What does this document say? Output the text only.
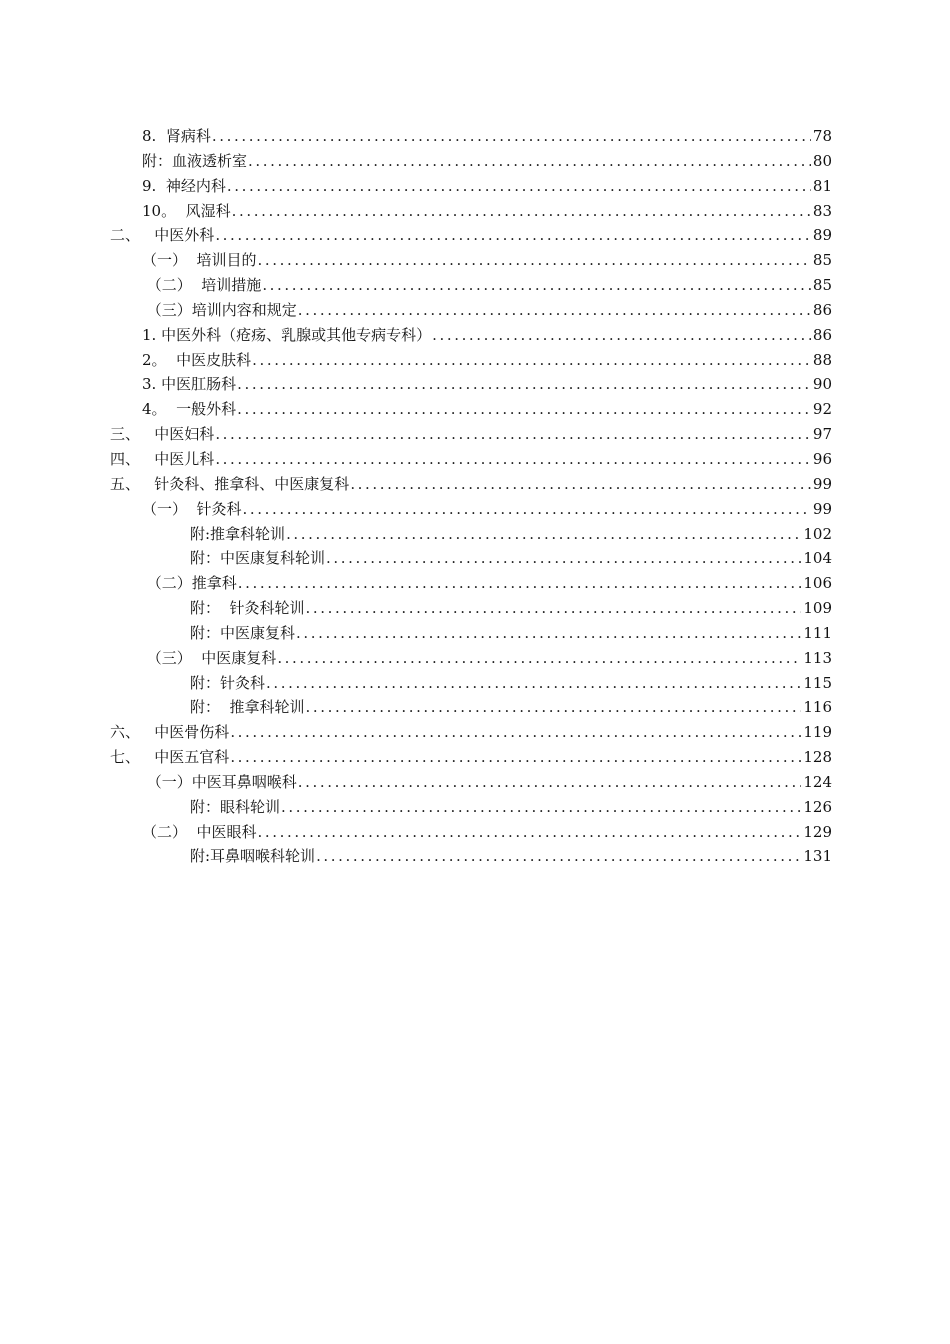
8.  肾病科 .....	78
附：血液透析室 .....	80
9.  神经内科 .....	81
10。  风湿科 .....	83
二、   中医外科 .....	89
（一）  培训目的 .....	85
（二）  培训措施 .....	85
（三）培训内容和规定 .....	86
1. 中医外科（疮疡、乳腺或其他专病专科） .....	86
2。  中医皮肤科 .....	88
3. 中医肛肠科 .....	90
4。  一般外科 .....	92
三、   中医妇科 .....	97
四、   中医儿科 .....	96
五、   针灸科、推拿科、中医康复科 .....	99
（一）  针灸科 .....	99
附:推拿科轮训 .....	102
附：中医康复科轮训 .....	104
（二）推拿科 .....	106
附：  针灸科轮训 .....	109
附：中医康复科 .....	111
（三）  中医康复科 .....	113
附：针灸科 .....	115
附：  推拿科轮训 .....	116
六、   中医骨伤科 .....	119
七、   中医五官科 .....	128
（一）中医耳鼻咽喉科 .....	124
附：眼科轮训 .....	126
（二）  中医眼科 .....	129
附:耳鼻咽喉科轮训 .....	131
